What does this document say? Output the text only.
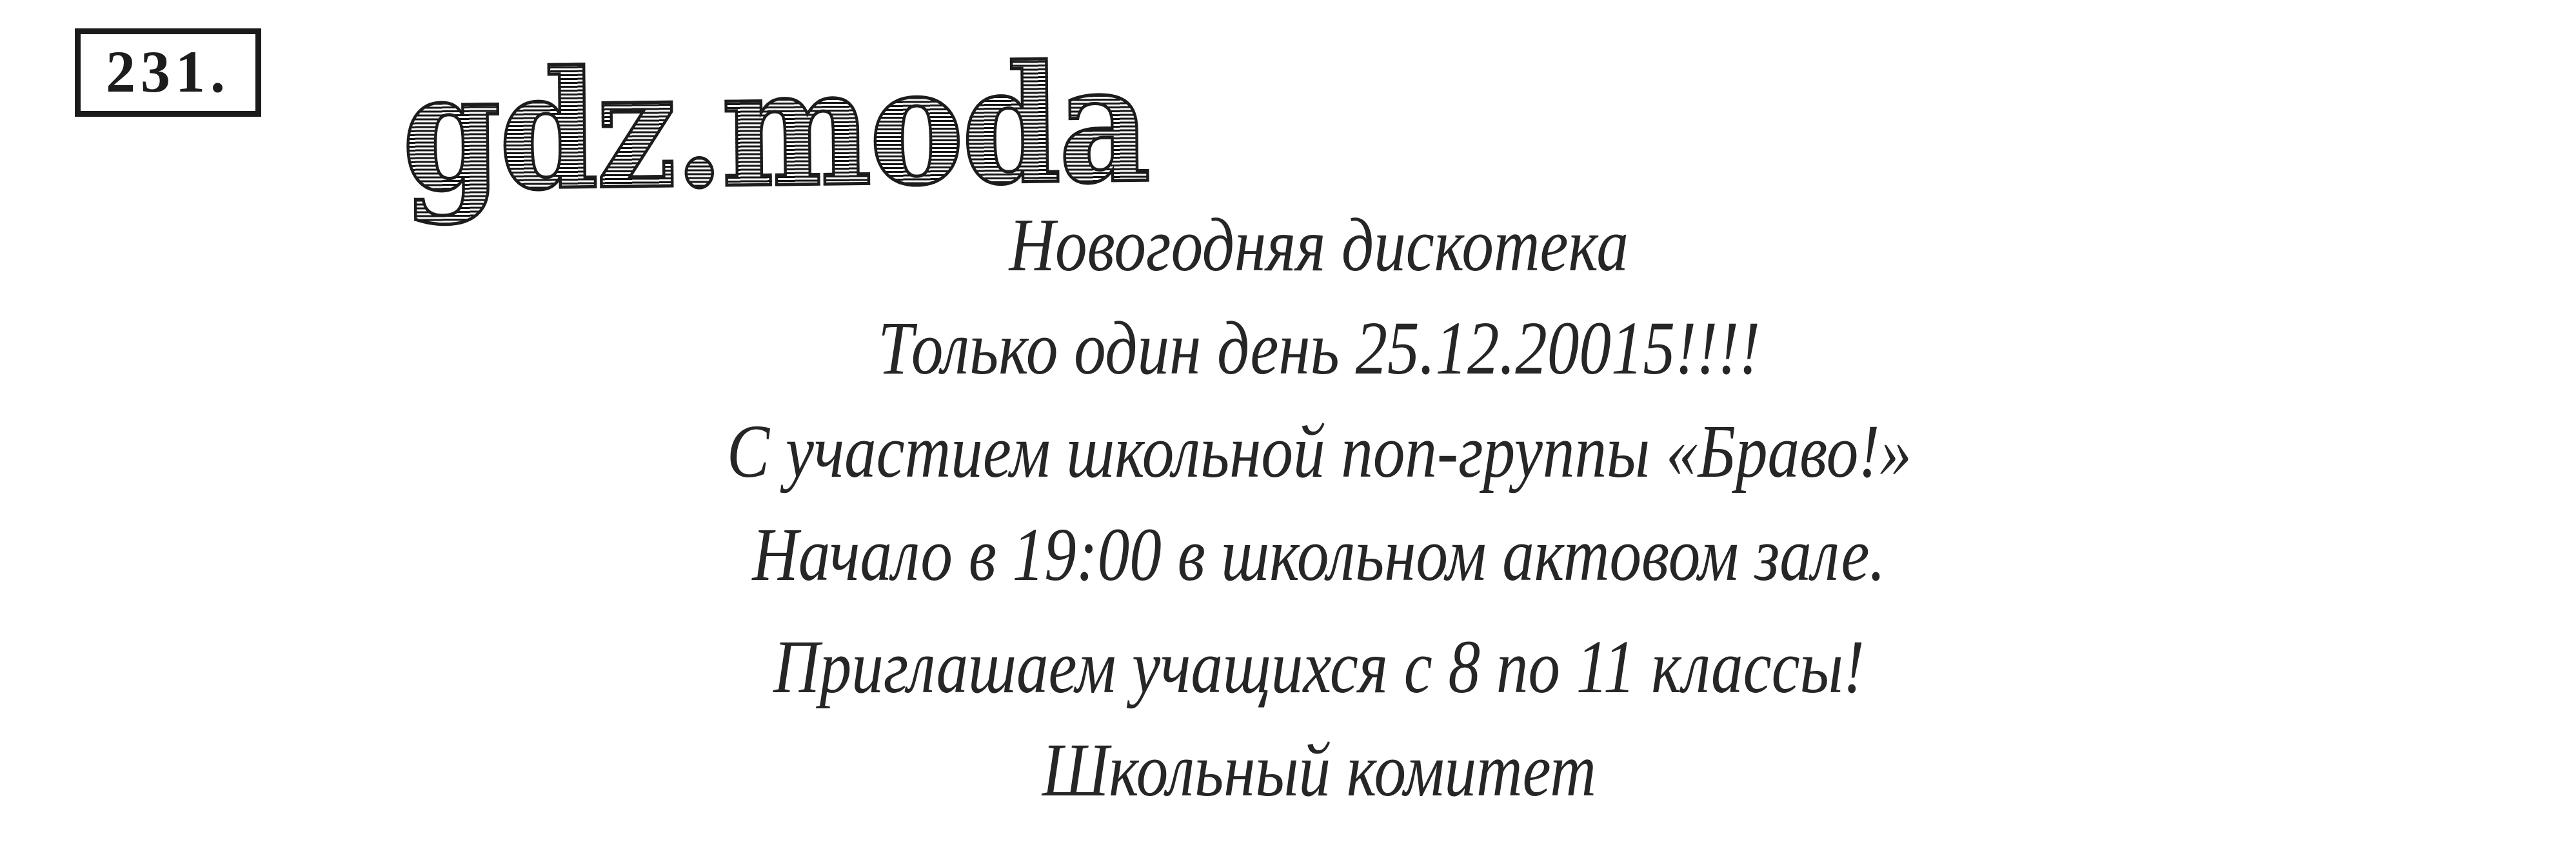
231. gdz.moda
Новогодняя дискотека
Только один день 25.12.20015!!!!
С участием школьной поп-группы «Браво!»
Начало в 19:00 в школьном актовом зале.
Приглашаем учащихся с 8 по 11 классы!
Школьный комитет
